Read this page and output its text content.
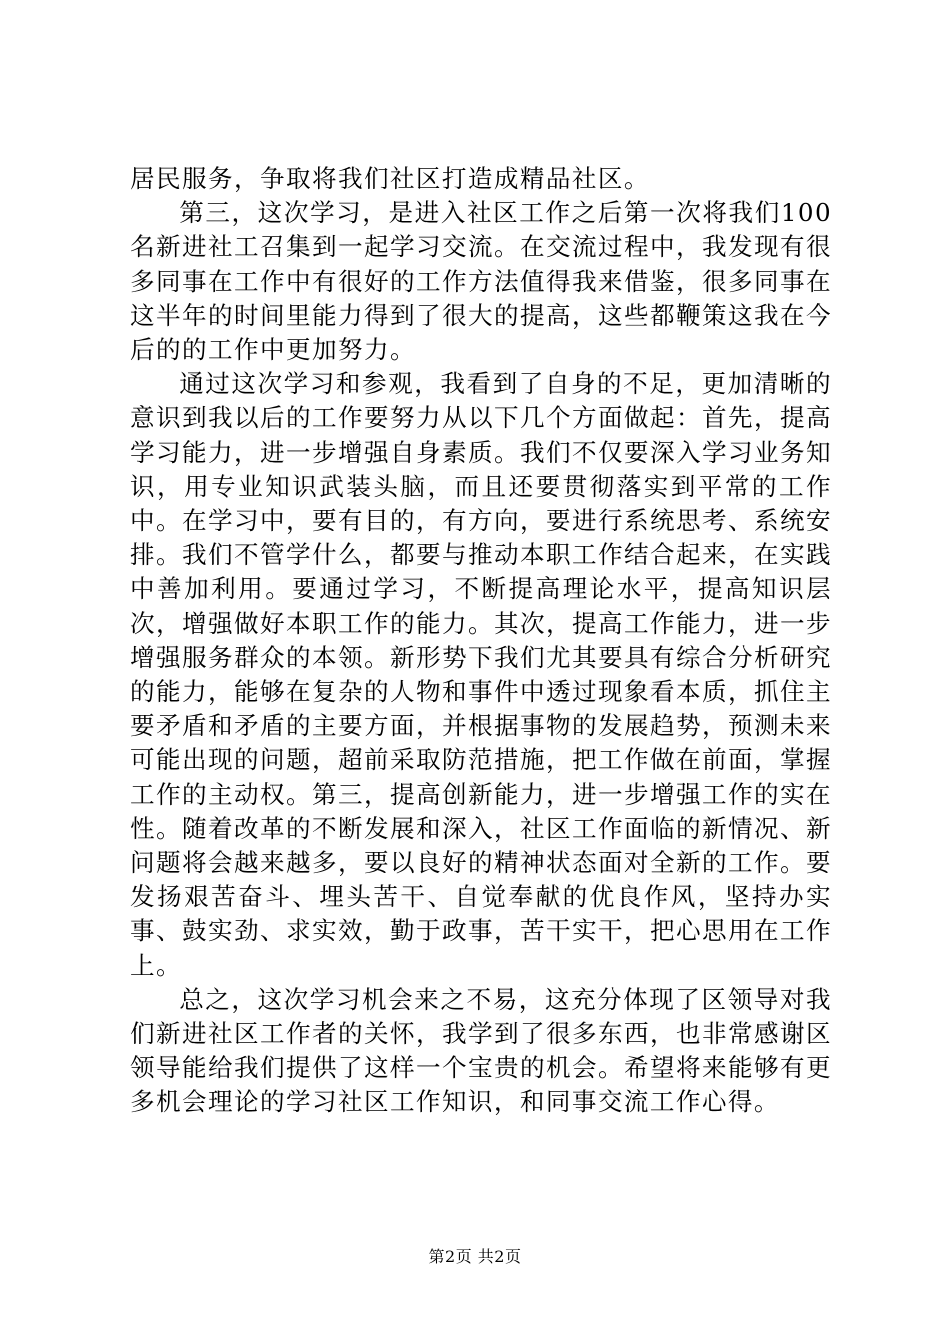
居民服务，争取将我们社区打造成精品社区。

第三，这次学习，是进入社区工作之后第一次将我们100名新进社工召集到一起学习交流。在交流过程中，我发现有很多同事在工作中有很好的工作方法值得我来借鉴，很多同事在这半年的时间里能力得到了很大的提高，这些都鞭策这我在今后的的工作中更加努力。

通过这次学习和参观，我看到了自身的不足，更加清晰的意识到我以后的工作要努力从以下几个方面做起：首先，提高学习能力，进一步增强自身素质。我们不仅要深入学习业务知识，用专业知识武装头脑，而且还要贯彻落实到平常的工作中。在学习中，要有目的，有方向，要进行系统思考、系统安排。我们不管学什么，都要与推动本职工作结合起来，在实践中善加利用。要通过学习，不断提高理论水平，提高知识层次，增强做好本职工作的能力。其次，提高工作能力，进一步增强服务群众的本领。新形势下我们尤其要具有综合分析研究的能力，能够在复杂的人物和事件中透过现象看本质，抓住主要矛盾和矛盾的主要方面，并根据事物的发展趋势，预测未来可能出现的问题，超前采取防范措施，把工作做在前面，掌握工作的主动权。第三，提高创新能力，进一步增强工作的实在性。随着改革的不断发展和深入，社区工作面临的新情况、新问题将会越来越多，要以良好的精神状态面对全新的工作。要发扬艰苦奋斗、埋头苦干、自觉奉献的优良作风，坚持办实事、鼓实劲、求实效，勤于政事，苦干实干，把心思用在工作上。

总之，这次学习机会来之不易，这充分体现了区领导对我们新进社区工作者的关怀，我学到了很多东西，也非常感谢区领导能给我们提供了这样一个宝贵的机会。希望将来能够有更多机会理论的学习社区工作知识，和同事交流工作心得。

第2页 共2页
